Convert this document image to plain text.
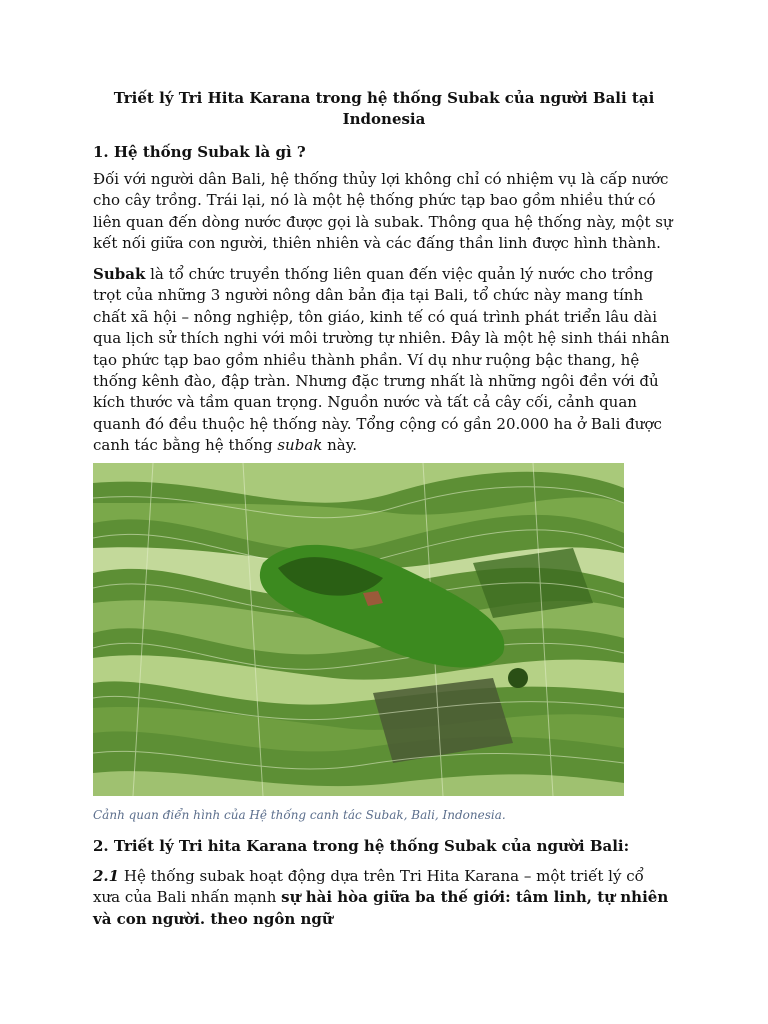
Triết lý Tri Hita Karana trong hệ thống Subak của người Bali tại Indonesia
1. Hệ thống Subak là gì ?

Đối với người dân Bali, hệ thống thủy lợi không chỉ có nhiệm vụ là cấp nước cho cây trồng. Trái lại, nó là một hệ thống phức tạp bao gồm nhiều thứ có liên quan đến dòng nước được gọi là subak. Thông qua hệ thống này, một sự kết nối giữa con người, thiên nhiên và các đấng thần linh được hình thành.

Subak là tổ chức truyền thống liên quan đến việc quản lý nước cho trồng trọt của những 3 người nông dân bản địa tại Bali, tổ chức này mang tính chất xã hội – nông nghiệp, tôn giáo, kinh tế có quá trình phát triển lâu dài qua lịch sử thích nghi với môi trường tự nhiên. Đây là một hệ sinh thái nhân tạo phức tạp bao gồm nhiều thành phần. Ví dụ như ruộng bậc thang, hệ thống kênh đào, đập tràn. Nhưng đặc trưng nhất là những ngôi đền với đủ kích thước và tầm quan trọng. Nguồn nước và tất cả cây cối, cảnh quan quanh đó đều thuộc hệ thống này. Tổng cộng có gần 20.000 ha ở Bali được canh tác bằng hệ thống subak này.

Cảnh quan điển hình của Hệ thống canh tác Subak, Bali, Indonesia.

2. Triết lý Tri hita Karana trong hệ thống Subak của người Bali:

2.1 Hệ thống subak hoạt động dựa trên Tri Hita Karana – một triết lý cổ xưa của Bali nhấn mạnh sự hài hòa giữa ba thế giới: tâm linh, tự nhiên và con người. theo ngôn ngữ
